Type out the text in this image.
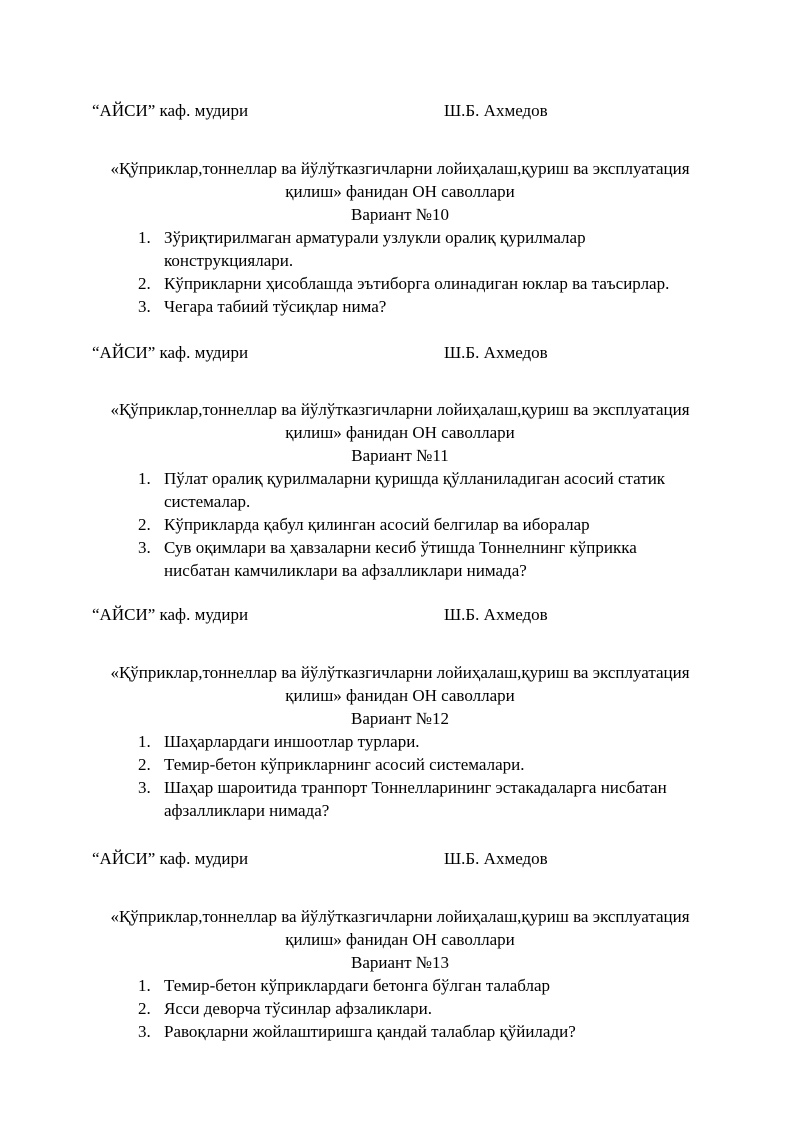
“АЙСИ” каф. мудири	Ш.Б. Ахмедов
«Қўприклар,тоннеллар ва йўлўтказгичларни лойиҳалаш,қуриш ва эксплуатация
қилиш» фанидан ОН саволлари
Вариант №10
1. Зўриқтирилмаган арматурали узлукли оралиқ қурилмалар
конструкциялари.
2. Кўприкларни ҳисоблашда эътиборга олинадиган юклар ва таъсирлар.
3. Чегара табиий тўсиқлар нима?
“АЙСИ” каф. мудири	Ш.Б. Ахмедов
«Қўприклар,тоннеллар ва йўлўтказгичларни лойиҳалаш,қуриш ва эксплуатация
қилиш» фанидан ОН саволлари
Вариант №11
1. Пўлат оралиқ қурилмаларни қуришда қўлланиладиган асосий статик
системалар.
2. Кўприкларда қабул қилинган асосий белгилар ва иборалар
3. Сув оқимлари ва ҳавзаларни кесиб ўтишда Тоннелнинг кўприкка
нисбатан камчиликлари ва афзалликлари нимада?
“АЙСИ” каф. мудири	Ш.Б. Ахмедов
«Қўприклар,тоннеллар ва йўлўтказгичларни лойиҳалаш,қуриш ва эксплуатация
қилиш» фанидан ОН саволлари
Вариант №12
1. Шаҳарлардаги иншоотлар турлари.
2. Темир-бетон кўприкларнинг асосий системалари.
3. Шаҳар шароитида транпорт Тоннелларининг эстакадаларга нисбатан
афзалликлари нимада?
“АЙСИ” каф. мудири	Ш.Б. Ахмедов
«Қўприклар,тоннеллар ва йўлўтказгичларни лойиҳалаш,қуриш ва эксплуатация
қилиш» фанидан ОН саволлари
Вариант №13
1. Темир-бетон кўприклардаги бетонга бўлган талаблар
2. Ясси деворча тўсинлар афзаликлари.
3. Равоқларни жойлаштиришга қандай талаблар қўйилади?
